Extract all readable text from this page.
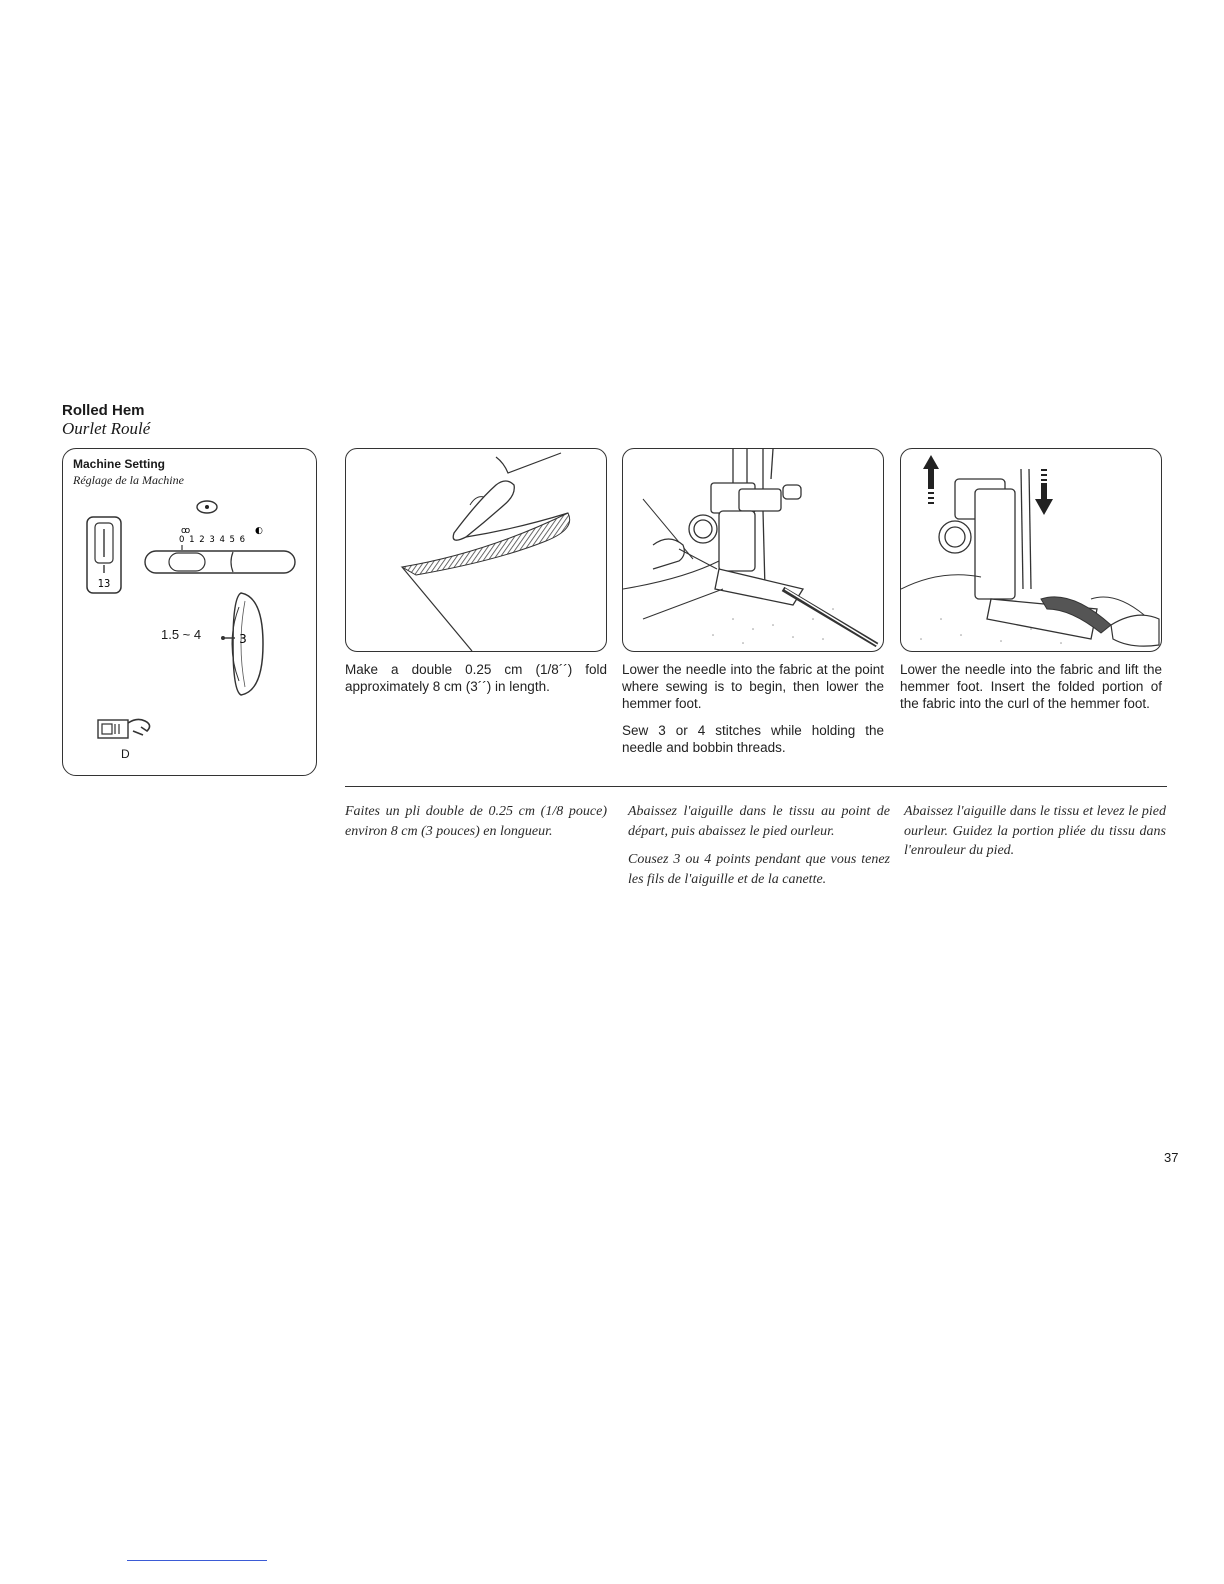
Rolled Hem
Ourlet Roulé
Machine Setting
Réglage de la Machine
13
ꝏ	◐
0 1 2 3 4 5 6
1.5 ~ 4	3
D

Make a double 0.25 cm (1/8´´) fold approximately 8 cm (3´´) in length.

Lower the needle into the fabric at the point where sewing is to begin, then lower the hemmer foot.

Sew 3 or 4 stitches while holding the needle and bobbin threads.

Lower the needle into the fabric and lift the hemmer foot. Insert the folded portion of the fabric into the curl of the hemmer foot.

Faites un pli double de 0.25 cm (1/8 pouce) environ 8 cm (3 pouces) en longueur.

Abaissez l'aiguille dans le tissu au point de départ, puis abaissez le pied ourleur.

Cousez 3 ou 4 points pendant que vous tenez les fils de l'aiguille et de la canette.

Abaissez l'aiguille dans le tissu et levez le pied ourleur. Guidez la portion pliée du tissu dans l'enrouleur du pied.

37
